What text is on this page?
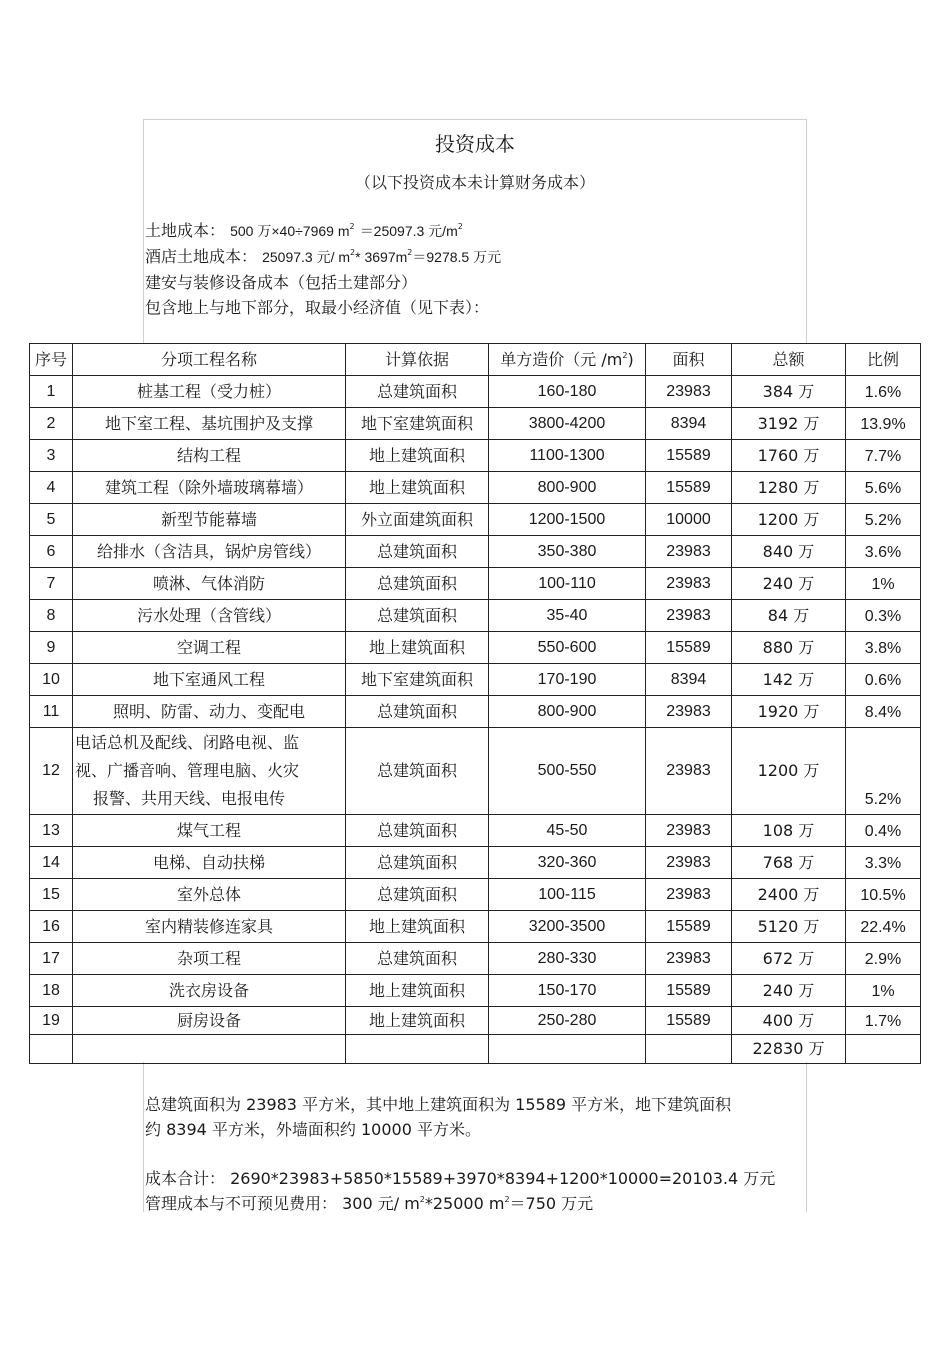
投资成本
（以下投资成本未计算财务成本）
土地成本： 500 万×40÷7969 $m^2 =25097.3$ 元$/m^2$
酒店土地成本： 25097.3 元/ $m^2*$ $3697m^2=9278.5$ 万元
建安与装修设备成本（包括土建部分）
包含地上与地下部分，取最小经济值（见下表）：
序号	分项工程名称	计算依据	单方造价（元 $/m^2$)	面积	总额	比例
1	桩基工程（受力桩）	总建筑面积	160-180	23983	384 万	1.6%
2	地下室工程、基坑围护及支撑	地下室建筑面积	3800-4200	8394	3192 万	13.9%
3	结构工程	地上建筑面积	1100-1300	15589	1760 万	7.7%
4	建筑工程（除外墙玻璃幕墙）	地上建筑面积	800-900	15589	1280 万	5.6%
5	新型节能幕墙	外立面建筑面积	1200-1500	10000	1200 万	5.2%
6	给排水（含洁具，锅炉房管线）	总建筑面积	350-380	23983	840 万	3.6%
7	喷淋、气体消防	总建筑面积	100-110	23983	240 万	1%
8	污水处理（含管线）	总建筑面积	35-40	23983	84 万	0.3%
9	空调工程	地上建筑面积	550-600	15589	880 万	3.8%
10	地下室通风工程	地下室建筑面积	170-190	8394	142 万	0.6%
11	照明、防雷、动力、变配电	总建筑面积	800-900	23983	1920 万	8.4%
12	电话总机及配线、闭路电视、监
视、广播音响、管理电脑、火灾
报警、共用天线、电报电传	总建筑面积	500-550	23983	1200 万	5.2%
13	煤气工程	总建筑面积	45-50	23983	108 万	0.4%
14	电梯、自动扶梯	总建筑面积	320-360	23983	768 万	3.3%
15	室外总体	总建筑面积	100-115	23983	2400 万	10.5%
16	室内精装修连家具	地上建筑面积	3200-3500	15589	5120 万	22.4%
17	杂项工程	总建筑面积	280-330	23983	672 万	2.9%
18	洗衣房设备	地上建筑面积	150-170	15589	240 万	1%
19	厨房设备	地上建筑面积	250-280	15589	400 万	1.7%
					22830 万	
总建筑面积为 23983 平方米，其中地上建筑面积为 15589 平方米，地下建筑面积
约 8394 平方米，外墙面积约 10000 平方米。
成本合计： 2690*23983+5850*15589+3970*8394+1200*10000=20103.4 万元
管理成本与不可预见费用： 300 元/ $m^2*25000$ $m^2=750$ 万元
